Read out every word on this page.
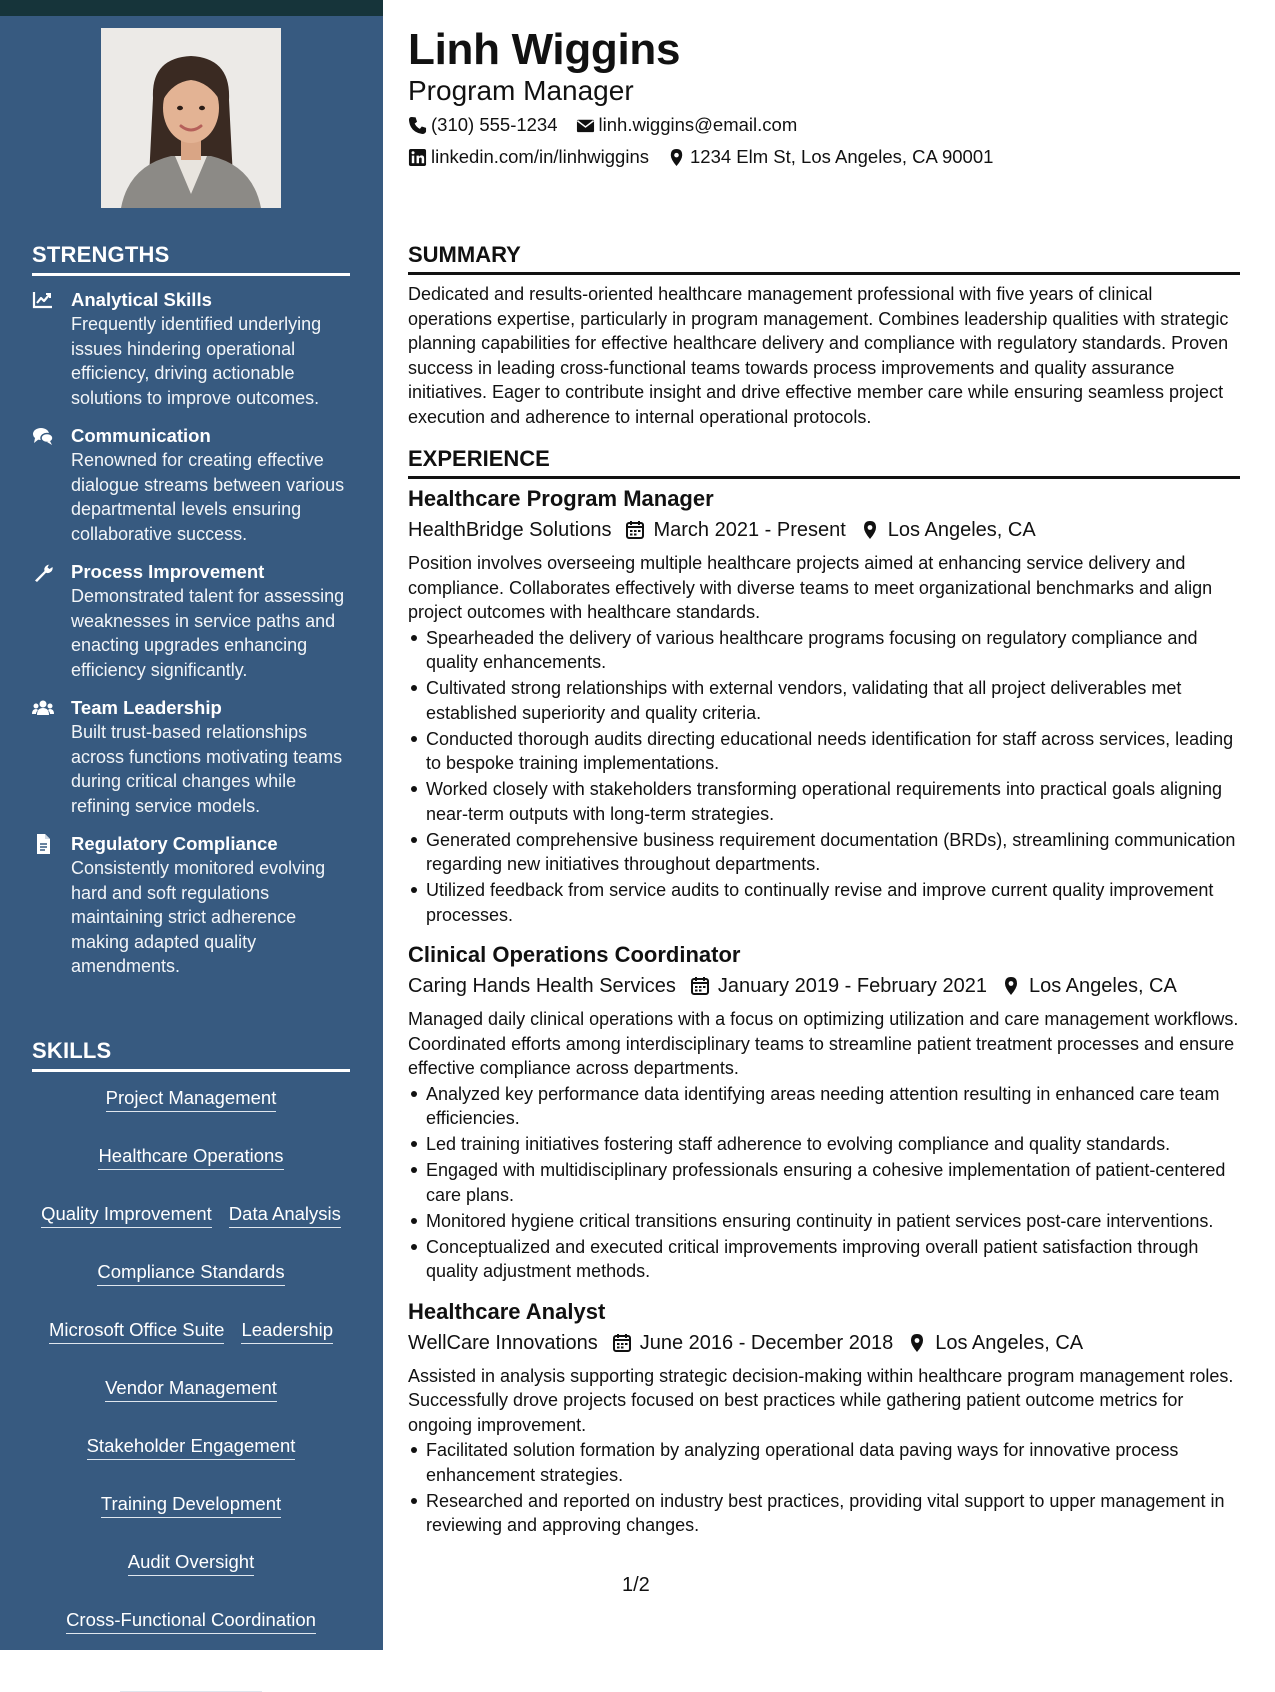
STRENGTHS
Analytical Skills
Frequently identified underlying issues hindering operational efficiency, driving actionable solutions to improve outcomes.
Communication
Renowned for creating effective dialogue streams between various departmental levels ensuring collaborative success.
Process Improvement
Demonstrated talent for assessing weaknesses in service paths and enacting upgrades enhancing efficiency significantly.
Team Leadership
Built trust-based relationships across functions motivating teams during critical changes while refining service models.
Regulatory Compliance
Consistently monitored evolving hard and soft regulations maintaining strict adherence making adapted quality amendments.
SKILLS
Project Management
Healthcare Operations
Quality Improvement Data Analysis
Compliance Standards
Microsoft Office Suite Leadership
Vendor Management
Stakeholder Engagement
Training Development
Audit Oversight
Cross-Functional Coordination
Process Mapping
Linh Wiggins
Program Manager
(310) 555-1234 linh.wiggins@email.com
linkedin.com/in/linhwiggins 1234 Elm St, Los Angeles, CA 90001
SUMMARY
Dedicated and results-oriented healthcare management professional with five years of clinical operations expertise, particularly in program management. Combines leadership qualities with strategic planning capabilities for effective healthcare delivery and compliance with regulatory standards. Proven success in leading cross-functional teams towards process improvements and quality assurance initiatives. Eager to contribute insight and drive effective member care while ensuring seamless project execution and adherence to internal operational protocols.
EXPERIENCE
Healthcare Program Manager
HealthBridge Solutions March 2021 - Present Los Angeles, CA
Position involves overseeing multiple healthcare projects aimed at enhancing service delivery and compliance. Collaborates effectively with diverse teams to meet organizational benchmarks and align project outcomes with healthcare standards.
Spearheaded the delivery of various healthcare programs focusing on regulatory compliance and quality enhancements.
Cultivated strong relationships with external vendors, validating that all project deliverables met established superiority and quality criteria.
Conducted thorough audits directing educational needs identification for staff across services, leading to bespoke training implementations.
Worked closely with stakeholders transforming operational requirements into practical goals aligning near-term outputs with long-term strategies.
Generated comprehensive business requirement documentation (BRDs), streamlining communication regarding new initiatives throughout departments.
Utilized feedback from service audits to continually revise and improve current quality improvement processes.
Clinical Operations Coordinator
Caring Hands Health Services January 2019 - February 2021 Los Angeles, CA
Managed daily clinical operations with a focus on optimizing utilization and care management workflows. Coordinated efforts among interdisciplinary teams to streamline patient treatment processes and ensure effective compliance across departments.
Analyzed key performance data identifying areas needing attention resulting in enhanced care team efficiencies.
Led training initiatives fostering staff adherence to evolving compliance and quality standards.
Engaged with multidisciplinary professionals ensuring a cohesive implementation of patient-centered care plans.
Monitored hygiene critical transitions ensuring continuity in patient services post-care interventions.
Conceptualized and executed critical improvements improving overall patient satisfaction through quality adjustment methods.
Healthcare Analyst
WellCare Innovations June 2016 - December 2018 Los Angeles, CA
Assisted in analysis supporting strategic decision-making within healthcare program management roles. Successfully drove projects focused on best practices while gathering patient outcome metrics for ongoing improvement.
Facilitated solution formation by analyzing operational data paving ways for innovative process enhancement strategies.
Researched and reported on industry best practices, providing vital support to upper management in reviewing and approving changes.
1/2
